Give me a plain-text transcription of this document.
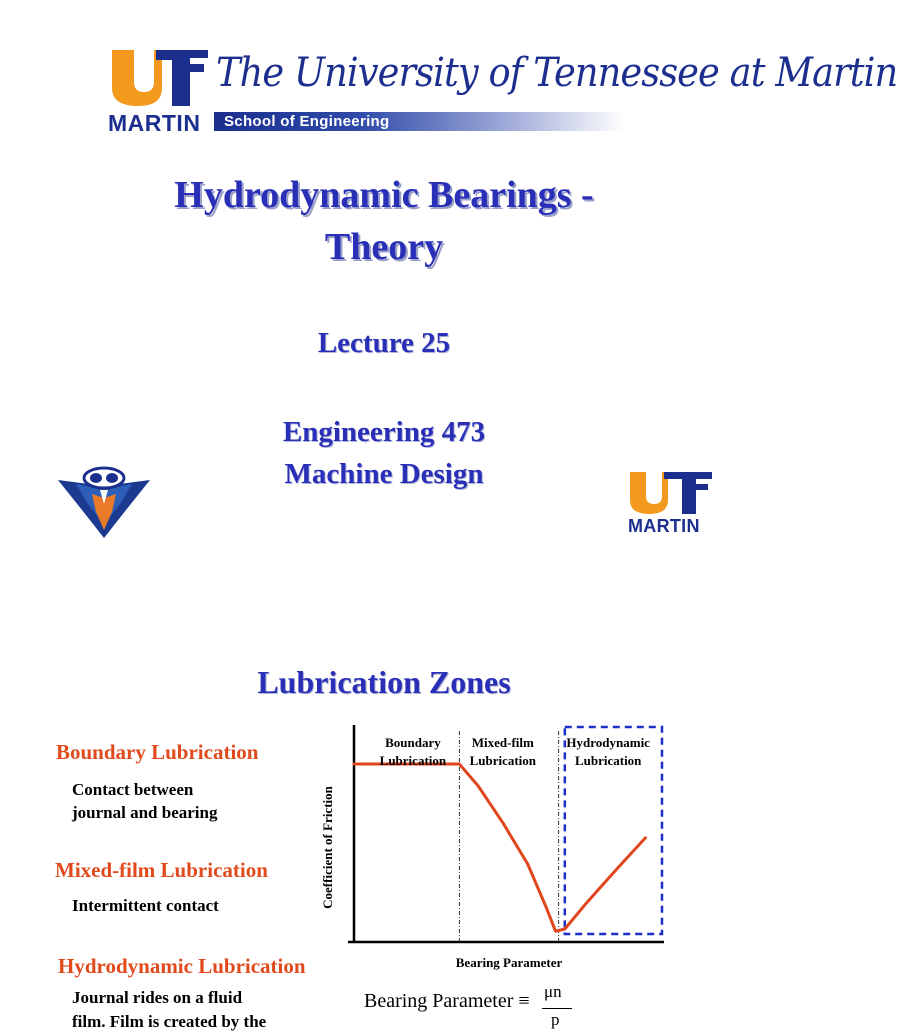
The University of Tennessee at Martin
MARTIN School of Engineering
Hydrodynamic Bearings -
Theory
Lecture 25
Engineering 473
Machine Design
MARTIN
Lubrication Zones
Boundary Lubrication
Contact between
journal and bearing
Mixed-film Lubrication
Intermittent contact
Hydrodynamic Lubrication
Journal rides on a fluid
film. Film is created by the
Boundary Lubrication
Mixed-film Lubrication
Hydrodynamic Lubrication
Bearing Parameter
Coefficient of Friction
Bearing Parameter ≡ μn
p
